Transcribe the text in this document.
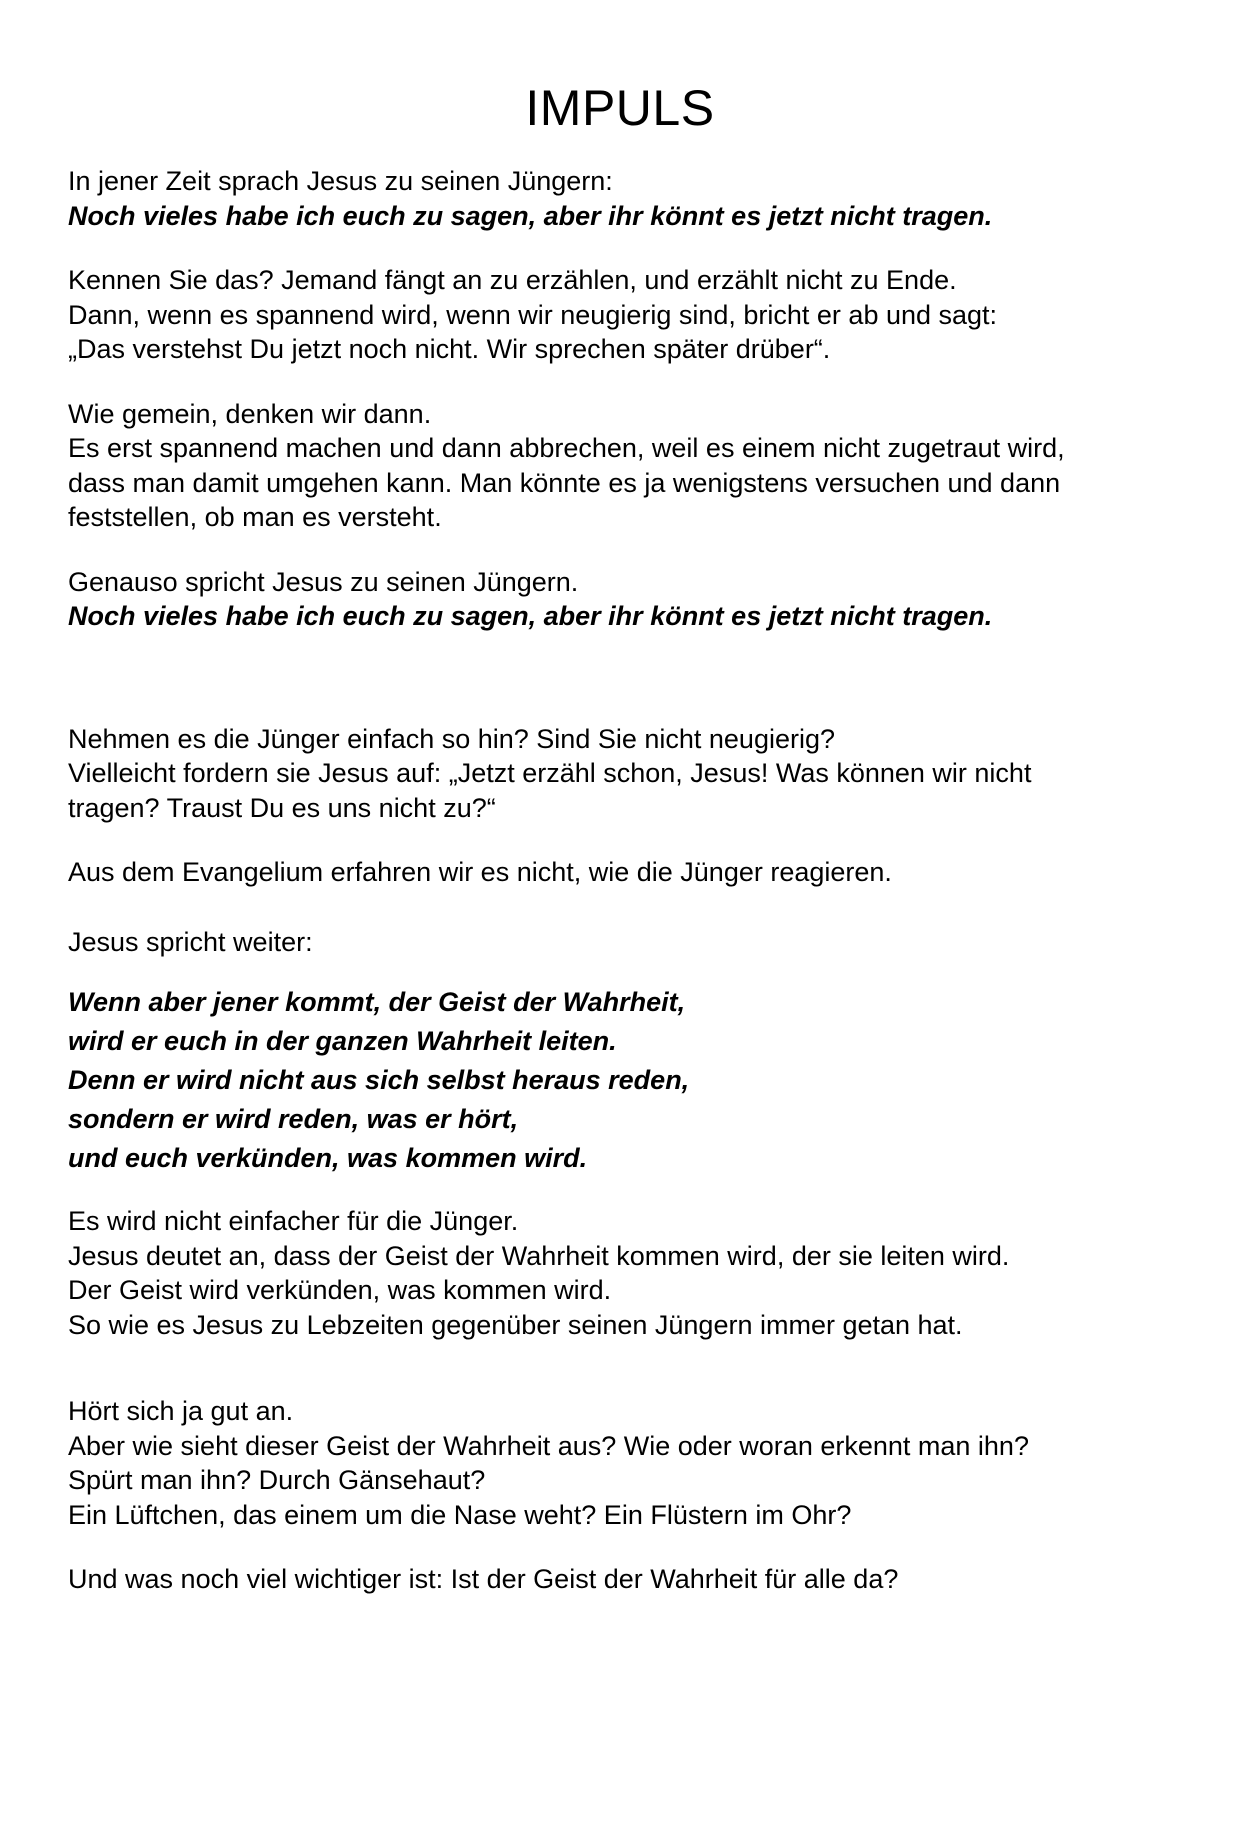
IMPULS

In jener Zeit sprach Jesus zu seinen Jüngern:
Noch vieles habe ich euch zu sagen, aber ihr könnt es jetzt nicht tragen.

Kennen Sie das? Jemand fängt an zu erzählen, und erzählt nicht zu Ende.
Dann, wenn es spannend wird, wenn wir neugierig sind, bricht er ab und sagt:
„Das verstehst Du jetzt noch nicht. Wir sprechen später drüber“.

Wie gemein, denken wir dann.
Es erst spannend machen und dann abbrechen, weil es einem nicht zugetraut wird,
dass man damit umgehen kann. Man könnte es ja wenigstens versuchen und dann
feststellen, ob man es versteht.

Genauso spricht Jesus zu seinen Jüngern.
Noch vieles habe ich euch zu sagen, aber ihr könnt es jetzt nicht tragen.

Nehmen es die Jünger einfach so hin? Sind Sie nicht neugierig?
Vielleicht fordern sie Jesus auf: „Jetzt erzähl schon, Jesus! Was können wir nicht
tragen? Traust Du es uns nicht zu?“

Aus dem Evangelium erfahren wir es nicht, wie die Jünger reagieren.

Jesus spricht weiter:

Wenn aber jener kommt, der Geist der Wahrheit,
wird er euch in der ganzen Wahrheit leiten.
Denn er wird nicht aus sich selbst heraus reden,
sondern er wird reden, was er hört,
und euch verkünden, was kommen wird.

Es wird nicht einfacher für die Jünger.
Jesus deutet an, dass der Geist der Wahrheit kommen wird, der sie leiten wird.
Der Geist wird verkünden, was kommen wird.
So wie es Jesus zu Lebzeiten gegenüber seinen Jüngern immer getan hat.

Hört sich ja gut an.
Aber wie sieht dieser Geist der Wahrheit aus? Wie oder woran erkennt man ihn?
Spürt man ihn? Durch Gänsehaut?
Ein Lüftchen, das einem um die Nase weht? Ein Flüstern im Ohr?

Und was noch viel wichtiger ist: Ist der Geist der Wahrheit für alle da?
